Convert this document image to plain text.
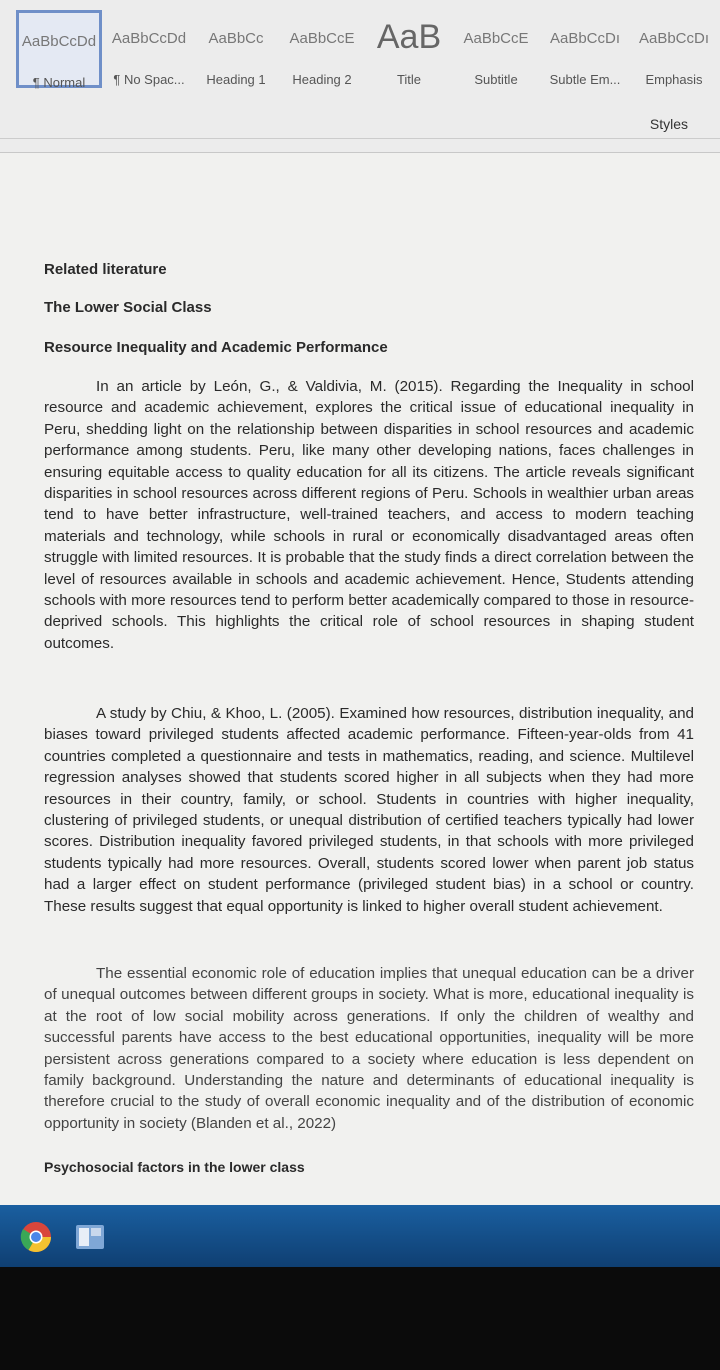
AaBbCcDd
¶ Normal
AaBbCcDd
¶ No Spac...
AaBbCc
Heading 1
AaBbCcE
Heading 2
AaB
Title
AaBbCcE
Subtitle
AaBbCcDı
Subtle Em...
AaBbCcDı
Emphasis
Styles
Related literature
The Lower Social Class
Resource Inequality and Academic Performance
In an article by León, G., & Valdivia, M. (2015). Regarding the Inequality in school resource and academic achievement, explores the critical issue of educational inequality in Peru, shedding light on the relationship between disparities in school resources and academic performance among students. Peru, like many other developing nations, faces challenges in ensuring equitable access to quality education for all its citizens. The article reveals significant disparities in school resources across different regions of Peru. Schools in wealthier urban areas tend to have better infrastructure, well-trained teachers, and access to modern teaching materials and technology, while schools in rural or economically disadvantaged areas often struggle with limited resources. It is probable that the study finds a direct correlation between the level of resources available in schools and academic achievement. Hence, Students attending schools with more resources tend to perform better academically compared to those in resource-deprived schools. This highlights the critical role of school resources in shaping student outcomes.
A study by Chiu, & Khoo, L. (2005). Examined how resources, distribution inequality, and biases toward privileged students affected academic performance. Fifteen-year-olds from 41 countries completed a questionnaire and tests in mathematics, reading, and science. Multilevel regression analyses showed that students scored higher in all subjects when they had more resources in their country, family, or school. Students in countries with higher inequality, clustering of privileged students, or unequal distribution of certified teachers typically had lower scores. Distribution inequality favored privileged students, in that schools with more privileged students typically had more resources. Overall, students scored lower when parent job status had a larger effect on student performance (privileged student bias) in a school or country. These results suggest that equal opportunity is linked to higher overall student achievement.
The essential economic role of education implies that unequal education can be a driver of unequal outcomes between different groups in society. What is more, educational inequality is at the root of low social mobility across generations. If only the children of wealthy and successful parents have access to the best educational opportunities, inequality will be more persistent across generations compared to a society where education is less dependent on family background. Understanding the nature and determinants of educational inequality is therefore crucial to the study of overall economic inequality and of the distribution of economic opportunity in society (Blanden et al., 2022)
Psychosocial factors in the lower class
